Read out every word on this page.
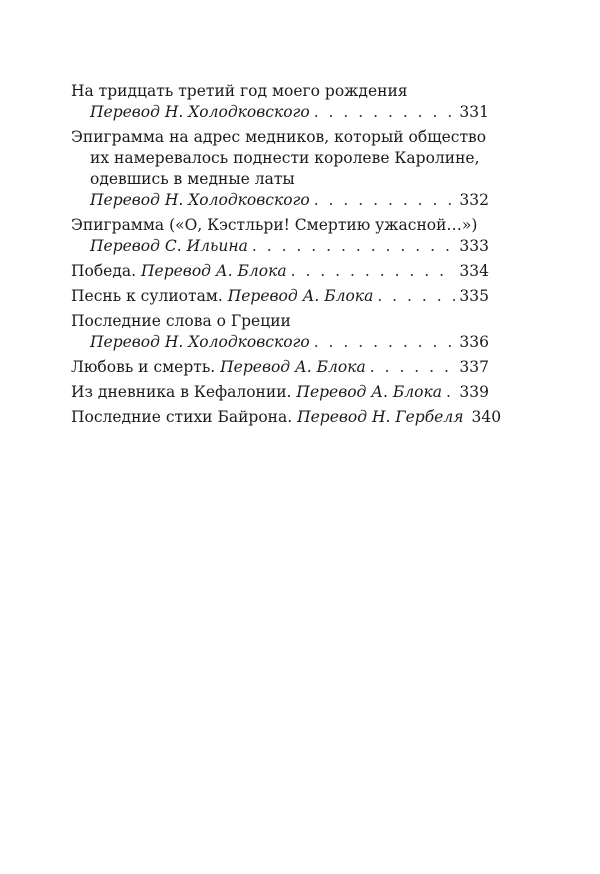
На тридцать третий год моего рождения
Перевод Н. Холодковского . . .	331
Эпиграмма на адрес медников, который общество
их намеревалось поднести королеве Каролине,
одевшись в медные латы
Перевод Н. Холодковского . . .	332
Эпиграмма («О, Кэстльри! Смертию ужасной…»)
Перевод С. Ильина . . .	333
Победа. Перевод А. Блока . . .	334
Песнь к сулиотам. Перевод А. Блока . . .	335
Последние слова о Греции
Перевод Н. Холодковского . . .	336
Любовь и смерть. Перевод А. Блока . . .	337
Из дневника в Кефалонии. Перевод А. Блока . . . 339
Последние стихи Байрона. Перевод Н. Гербеля 340
